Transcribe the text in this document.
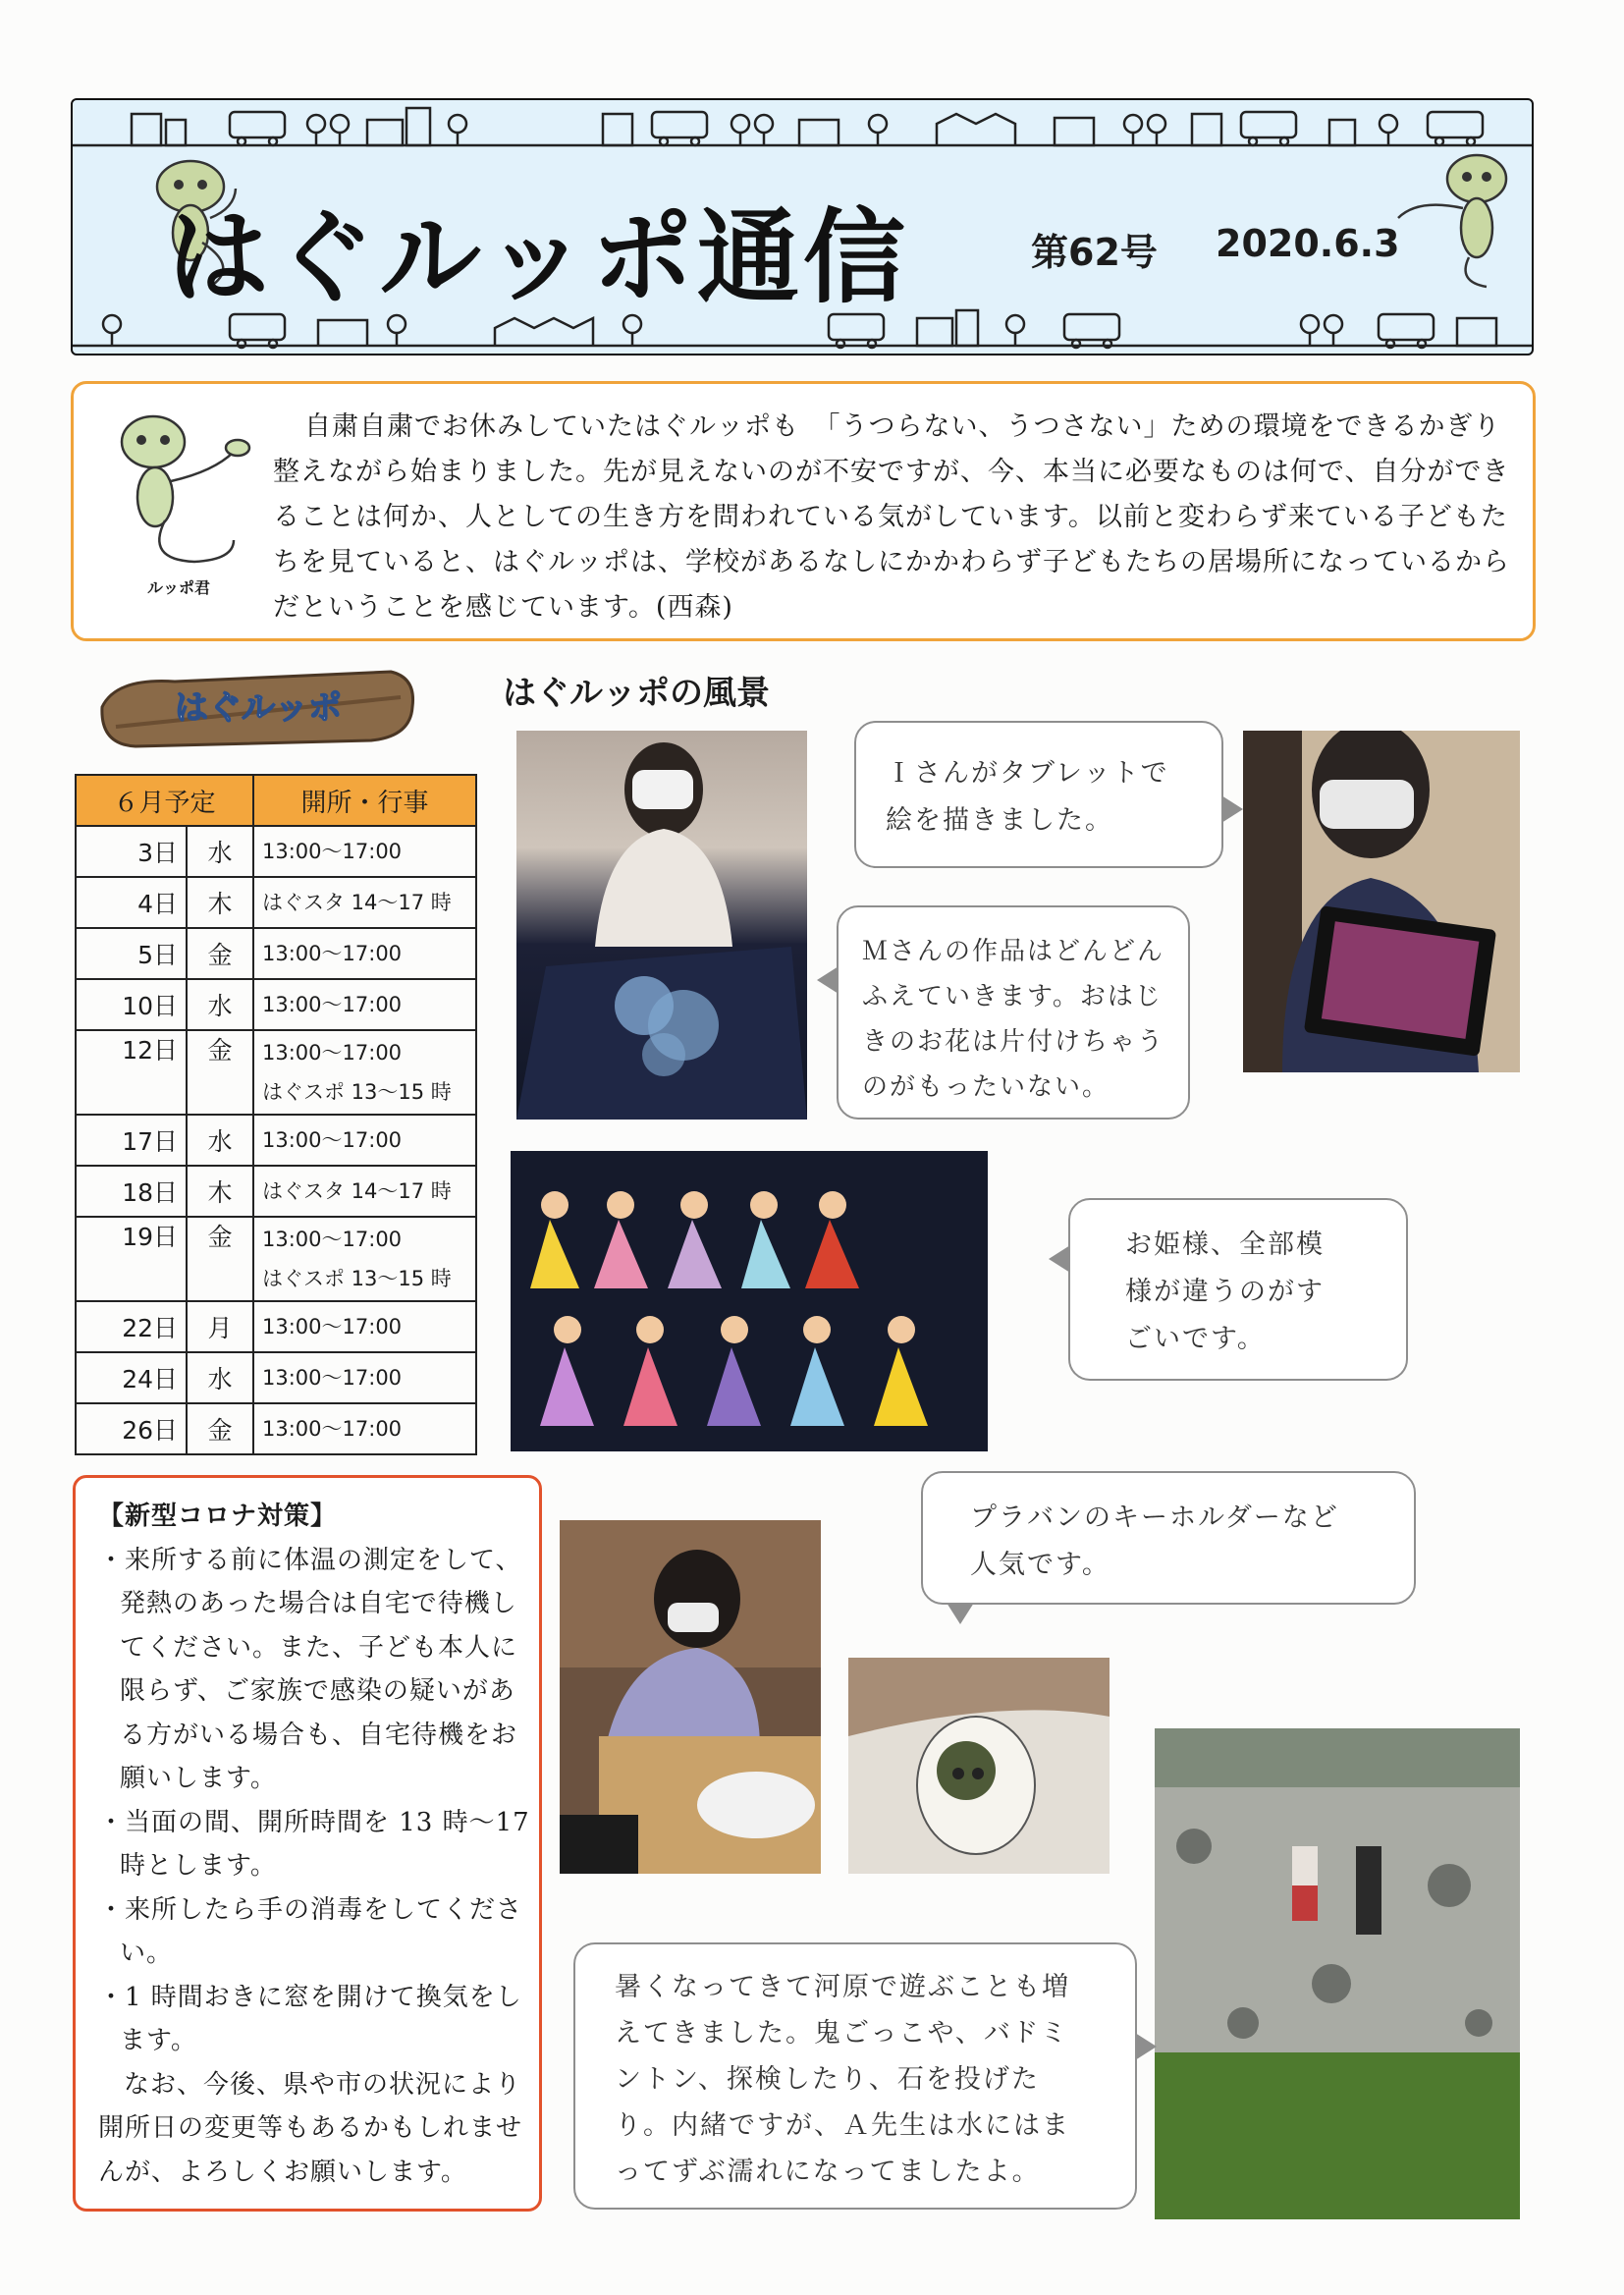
はぐルッポ通信	第62号 2020.6.3
ルッポ君
自粛自粛でお休みしていたはぐルッポも　「うつらない、うつさない」ための環境をできるかぎり整えながら始まりました。先が見えないのが不安ですが、今、本当に必要なものは何で、自分ができることは何か、人としての生き方を問われている気がしています。以前と変わらず来ている子どもたちを見ていると、はぐルッポは、学校があるなしにかかわらず子どもたちの居場所になっているからだということを感じています。(西森)
はぐルッポ	はぐルッポの風景
６月予定		開所・行事
3日	水	13:00〜17:00

4日	木	はぐスタ 14〜17 時

5日	金	13:00〜17:00

10日	水	13:00〜17:00

12日	金	13:00〜17:00
はぐスポ 13〜15 時

17日	水	13:00〜17:00

18日	木	はぐスタ 14〜17 時

19日	金	13:00〜17:00
はぐスポ 13〜15 時

22日	月	13:00〜17:00

24日	水	13:00〜17:00

26日	金	13:00〜17:00
【新型コロナ対策】
・来所する前に体温の測定をして、発熱のあった場合は自宅で待機してください。また、子ども本人に限らず、ご家族で感染の疑いがある方がいる場合も、自宅待機をお願いします。
・当面の間、開所時間を 13 時〜17 時とします。
・来所したら手の消毒をしてください。
・1 時間おきに窓を開けて換気をします。
なお、今後、県や市の状況により開所日の変更等もあるかもしれませんが、よろしくお願いします。
Ｉさんがタブレットで絵を描きました。
Ｍさんの作品はどんどんふえていきます。おはじきのお花は片付けちゃうのがもったいない。
お姫様、全部模様が違うのがすごいです。
プラバンのキーホルダーなど人気です。
暑くなってきて河原で遊ぶことも増えてきました。鬼ごっこや、バドミントン、探検したり、石を投げたり。内緒ですが、Ａ先生は水にはまってずぶ濡れになってましたよ。
